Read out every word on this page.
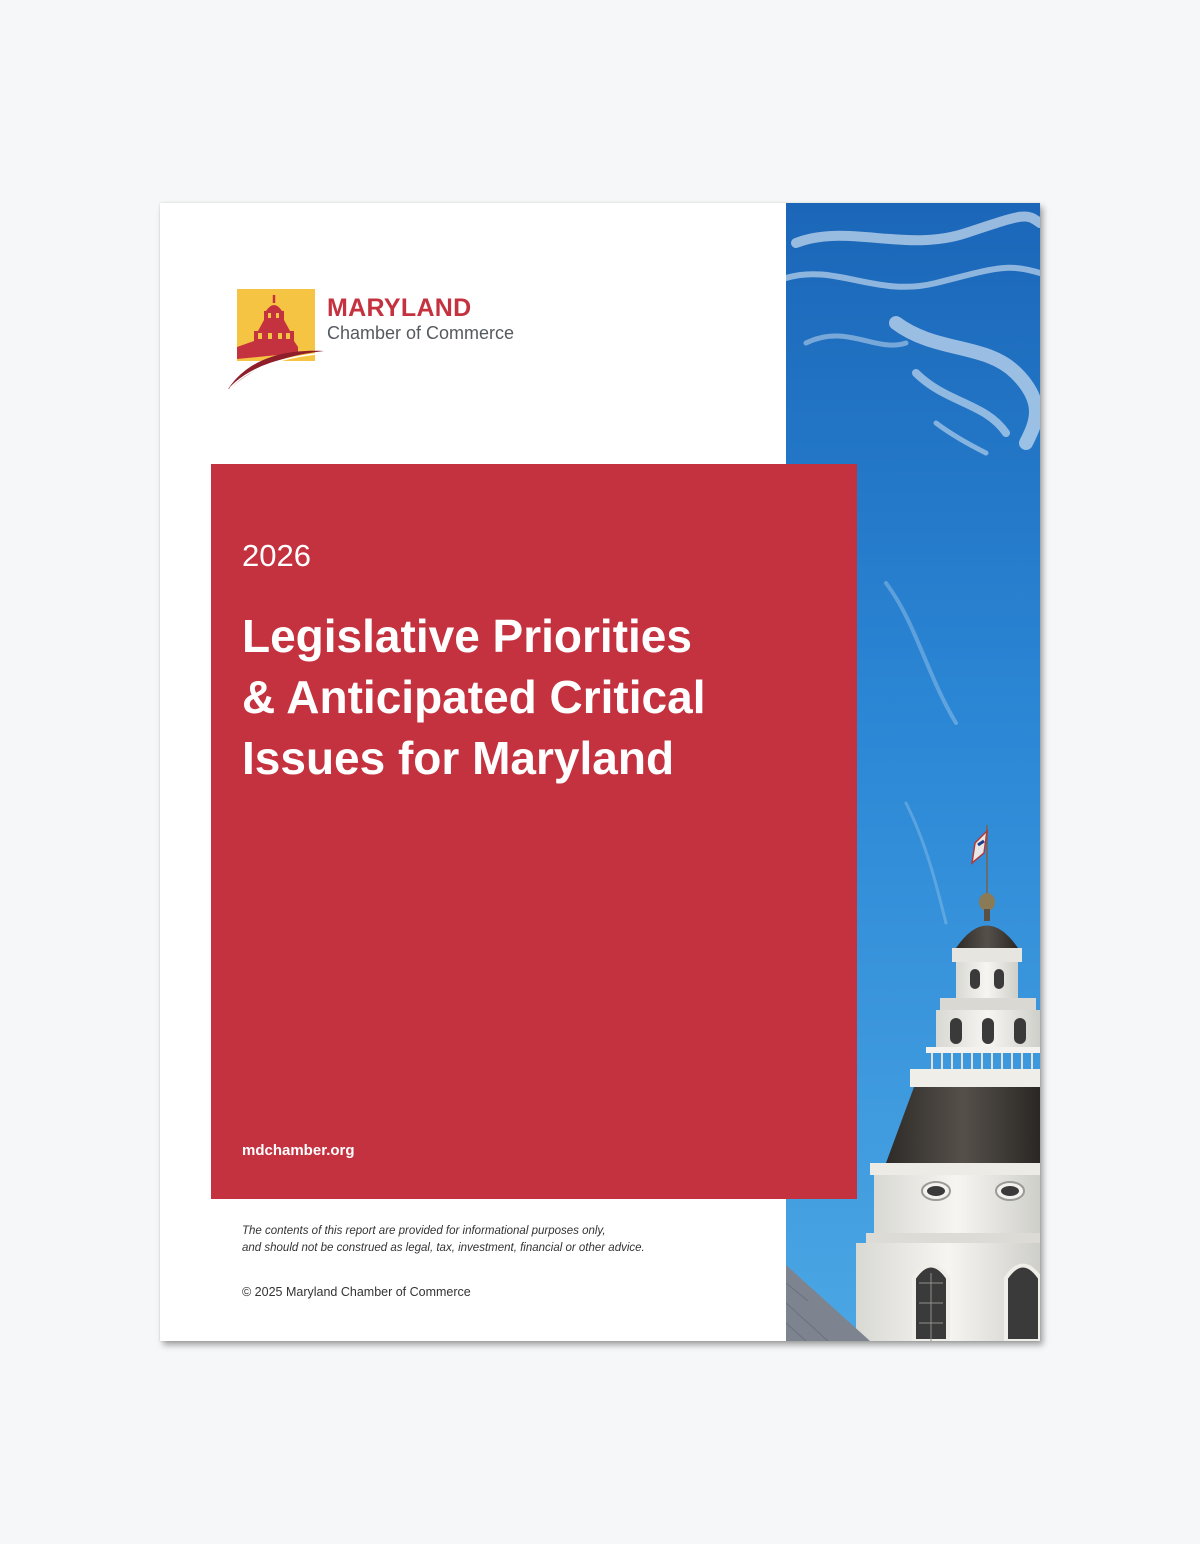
MARYLAND
Chamber of Commerce
2026
Legislative Priorities
& Anticipated Critical
Issues for Maryland
mdchamber.org
The contents of this report are provided for informational purposes only,
and should not be construed as legal, tax, investment, financial or other advice.
© 2025 Maryland Chamber of Commerce
